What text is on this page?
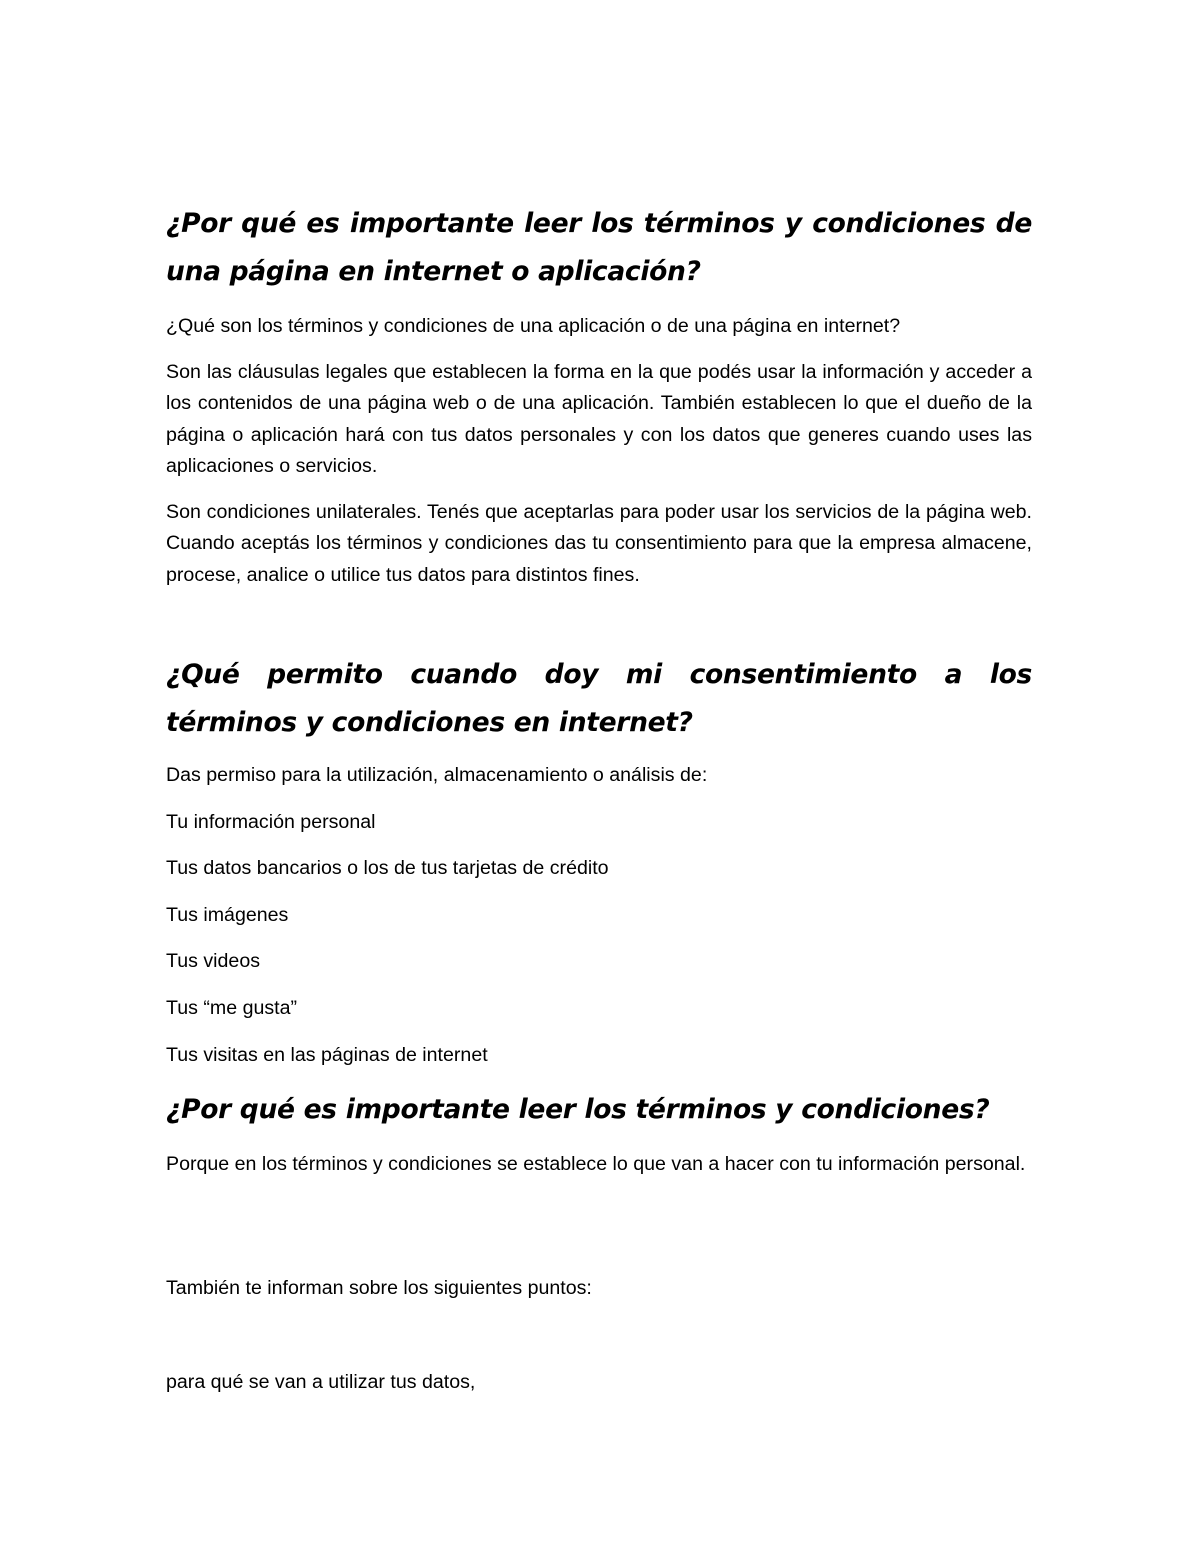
¿Por qué es importante leer los términos y condiciones de una página en internet o aplicación?

¿Qué son los términos y condiciones de una aplicación o de una página en internet?

Son las cláusulas legales que establecen la forma en la que podés usar la información y acceder a los contenidos de una página web o de una aplicación. También establecen lo que el dueño de la página o aplicación hará con tus datos personales y con los datos que generes cuando uses las aplicaciones o servicios.

Son condiciones unilaterales. Tenés que aceptarlas para poder usar los servicios de la página web. Cuando aceptás los términos y condiciones das tu consentimiento para que la empresa almacene, procese, analice o utilice tus datos para distintos fines.

¿Qué permito cuando doy mi consentimiento a los términos y condiciones en internet?

Das permiso para la utilización, almacenamiento o análisis de:

Tu información personal

Tus datos bancarios o los de tus tarjetas de crédito

Tus imágenes

Tus videos

Tus “me gusta”

Tus visitas en las páginas de internet

¿Por qué es importante leer los términos y condiciones?

Porque en los términos y condiciones se establece lo que van a hacer con tu información personal.

También te informan sobre los siguientes puntos:

para qué se van a utilizar tus datos,
